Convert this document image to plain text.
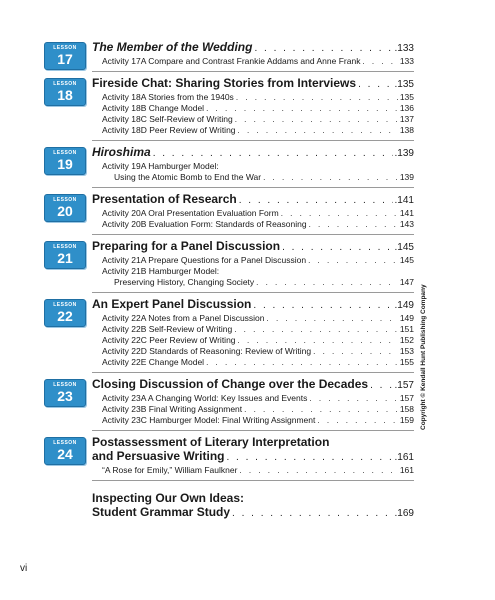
LESSON
17
The Member of the Wedding . . .	.133
Activity 17A Compare and Contrast Frankie Addams and Anne Frank . . .	133
LESSON
18
Fireside Chat: Sharing Stories from Interviews . . .	.135
Activity 18A Stories from the 1940s . . .	135
Activity 18B Change Model . . .	136
Activity 18C Self-Review of Writing . . .	137
Activity 18D Peer Review of Writing . . .	138
LESSON
19
Hiroshima . . .	.139
Activity 19A Hamburger Model:
Using the Atomic Bomb to End the War . . .	139
LESSON
20
Presentation of Research . . .	.141
Activity 20A Oral Presentation Evaluation Form . . .	141
Activity 20B Evaluation Form: Standards of Reasoning . . .	143
LESSON
21
Preparing for a Panel Discussion . . .	.145
Activity 21A Prepare Questions for a Panel Discussion . . .	145
Activity 21B Hamburger Model:
Preserving History, Changing Society . . .	147
LESSON
22
An Expert Panel Discussion . . .	.149
Activity 22A Notes from a Panel Discussion . . .	149
Activity 22B Self-Review of Writing . . .	151
Activity 22C Peer Review of Writing . . .	152
Activity 22D Standards of Reasoning: Review of Writing . . .	153
Activity 22E Change Model . . .	155
LESSON
23
Closing Discussion of Change over the Decades . . .	.157
Activity 23A A Changing World: Key Issues and Events . . .	157
Activity 23B Final Writing Assignment . . .	158
Activity 23C Hamburger Model: Final Writing Assignment . . .	159
LESSON
24
Postassessment of Literary Interpretation
and Persuasive Writing . . .	.161
“A Rose for Emily,” William Faulkner . . .	161
Inspecting Our Own Ideas:
Student Grammar Study . . .	.169
Copyright © Kendall Hunt Publishing Company
vi
